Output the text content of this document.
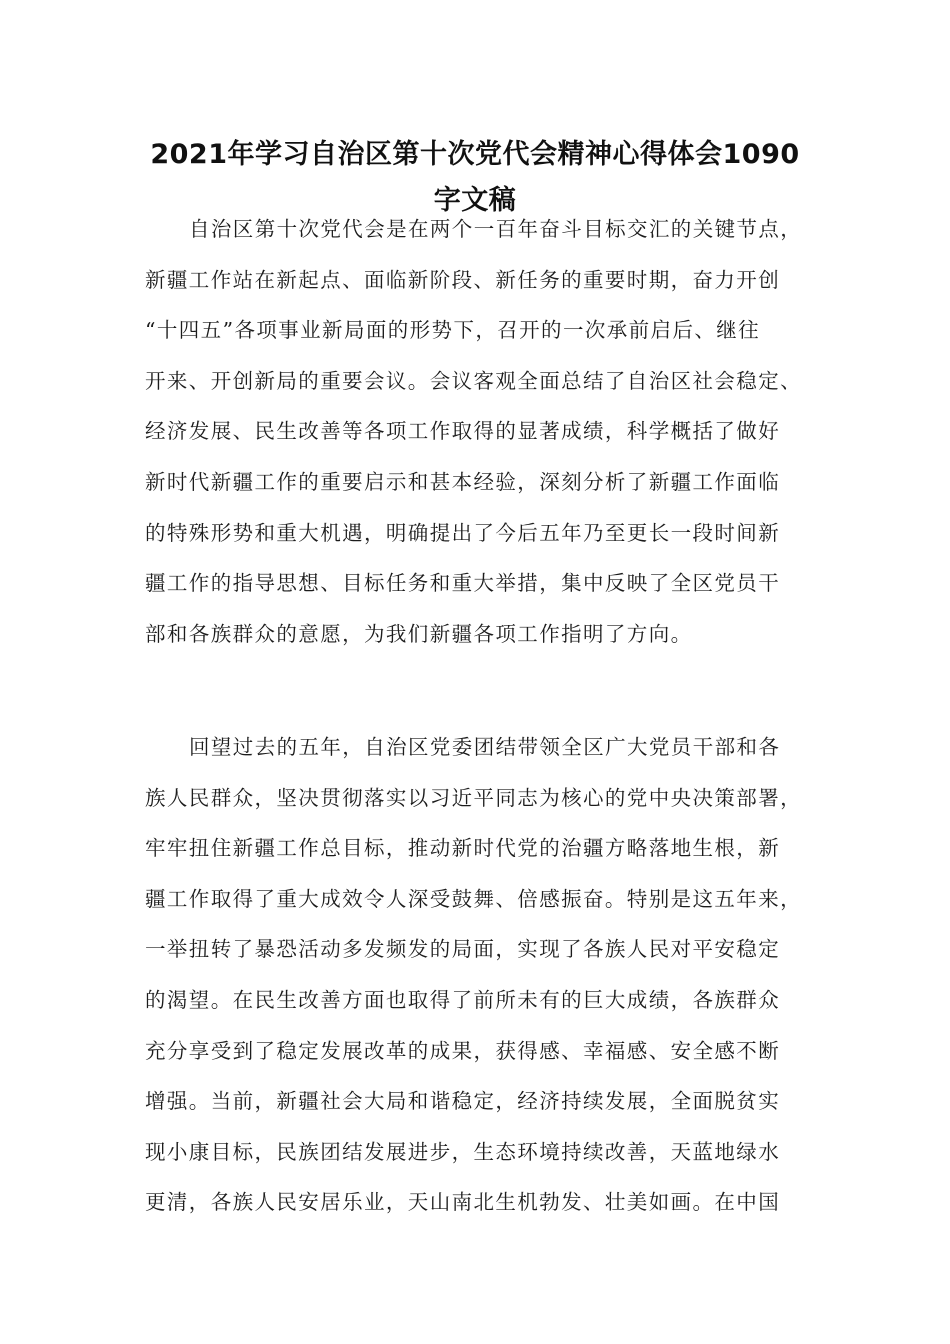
2021年学习自治区第十次党代会精神心得体会1090
字文稿
自治区第十次党代会是在两个一百年奋斗目标交汇的关键节点，
新疆工作站在新起点、面临新阶段、新任务的重要时期，奋力开创
“十四五”各项事业新局面的形势下，召开的一次承前启后、继往
开来、开创新局的重要会议。会议客观全面总结了自治区社会稳定、
经济发展、民生改善等各项工作取得的显著成绩，科学概括了做好
新时代新疆工作的重要启示和甚本经验，深刻分析了新疆工作面临
的特殊形势和重大机遇，明确提出了今后五年乃至更长一段时间新
疆工作的指导思想、目标任务和重大举措，集中反映了全区党员干
部和各族群众的意愿，为我们新疆各项工作指明了方向。
回望过去的五年，自治区党委团结带领全区广大党员干部和各
族人民群众，坚决贯彻落实以习近平同志为核心的党中央决策部署，
牢牢扭住新疆工作总目标，推动新时代党的治疆方略落地生根，新
疆工作取得了重大成效令人深受鼓舞、倍感振奋。特别是这五年来，
一举扭转了暴恐活动多发频发的局面，实现了各族人民对平安稳定
的渴望。在民生改善方面也取得了前所未有的巨大成绩，各族群众
充分享受到了稳定发展改革的成果，获得感、幸福感、安全感不断
增强。当前，新疆社会大局和谐稳定，经济持续发展，全面脱贫实
现小康目标，民族团结发展进步，生态环境持续改善，天蓝地绿水
更清，各族人民安居乐业，天山南北生机勃发、壮美如画。在中国
